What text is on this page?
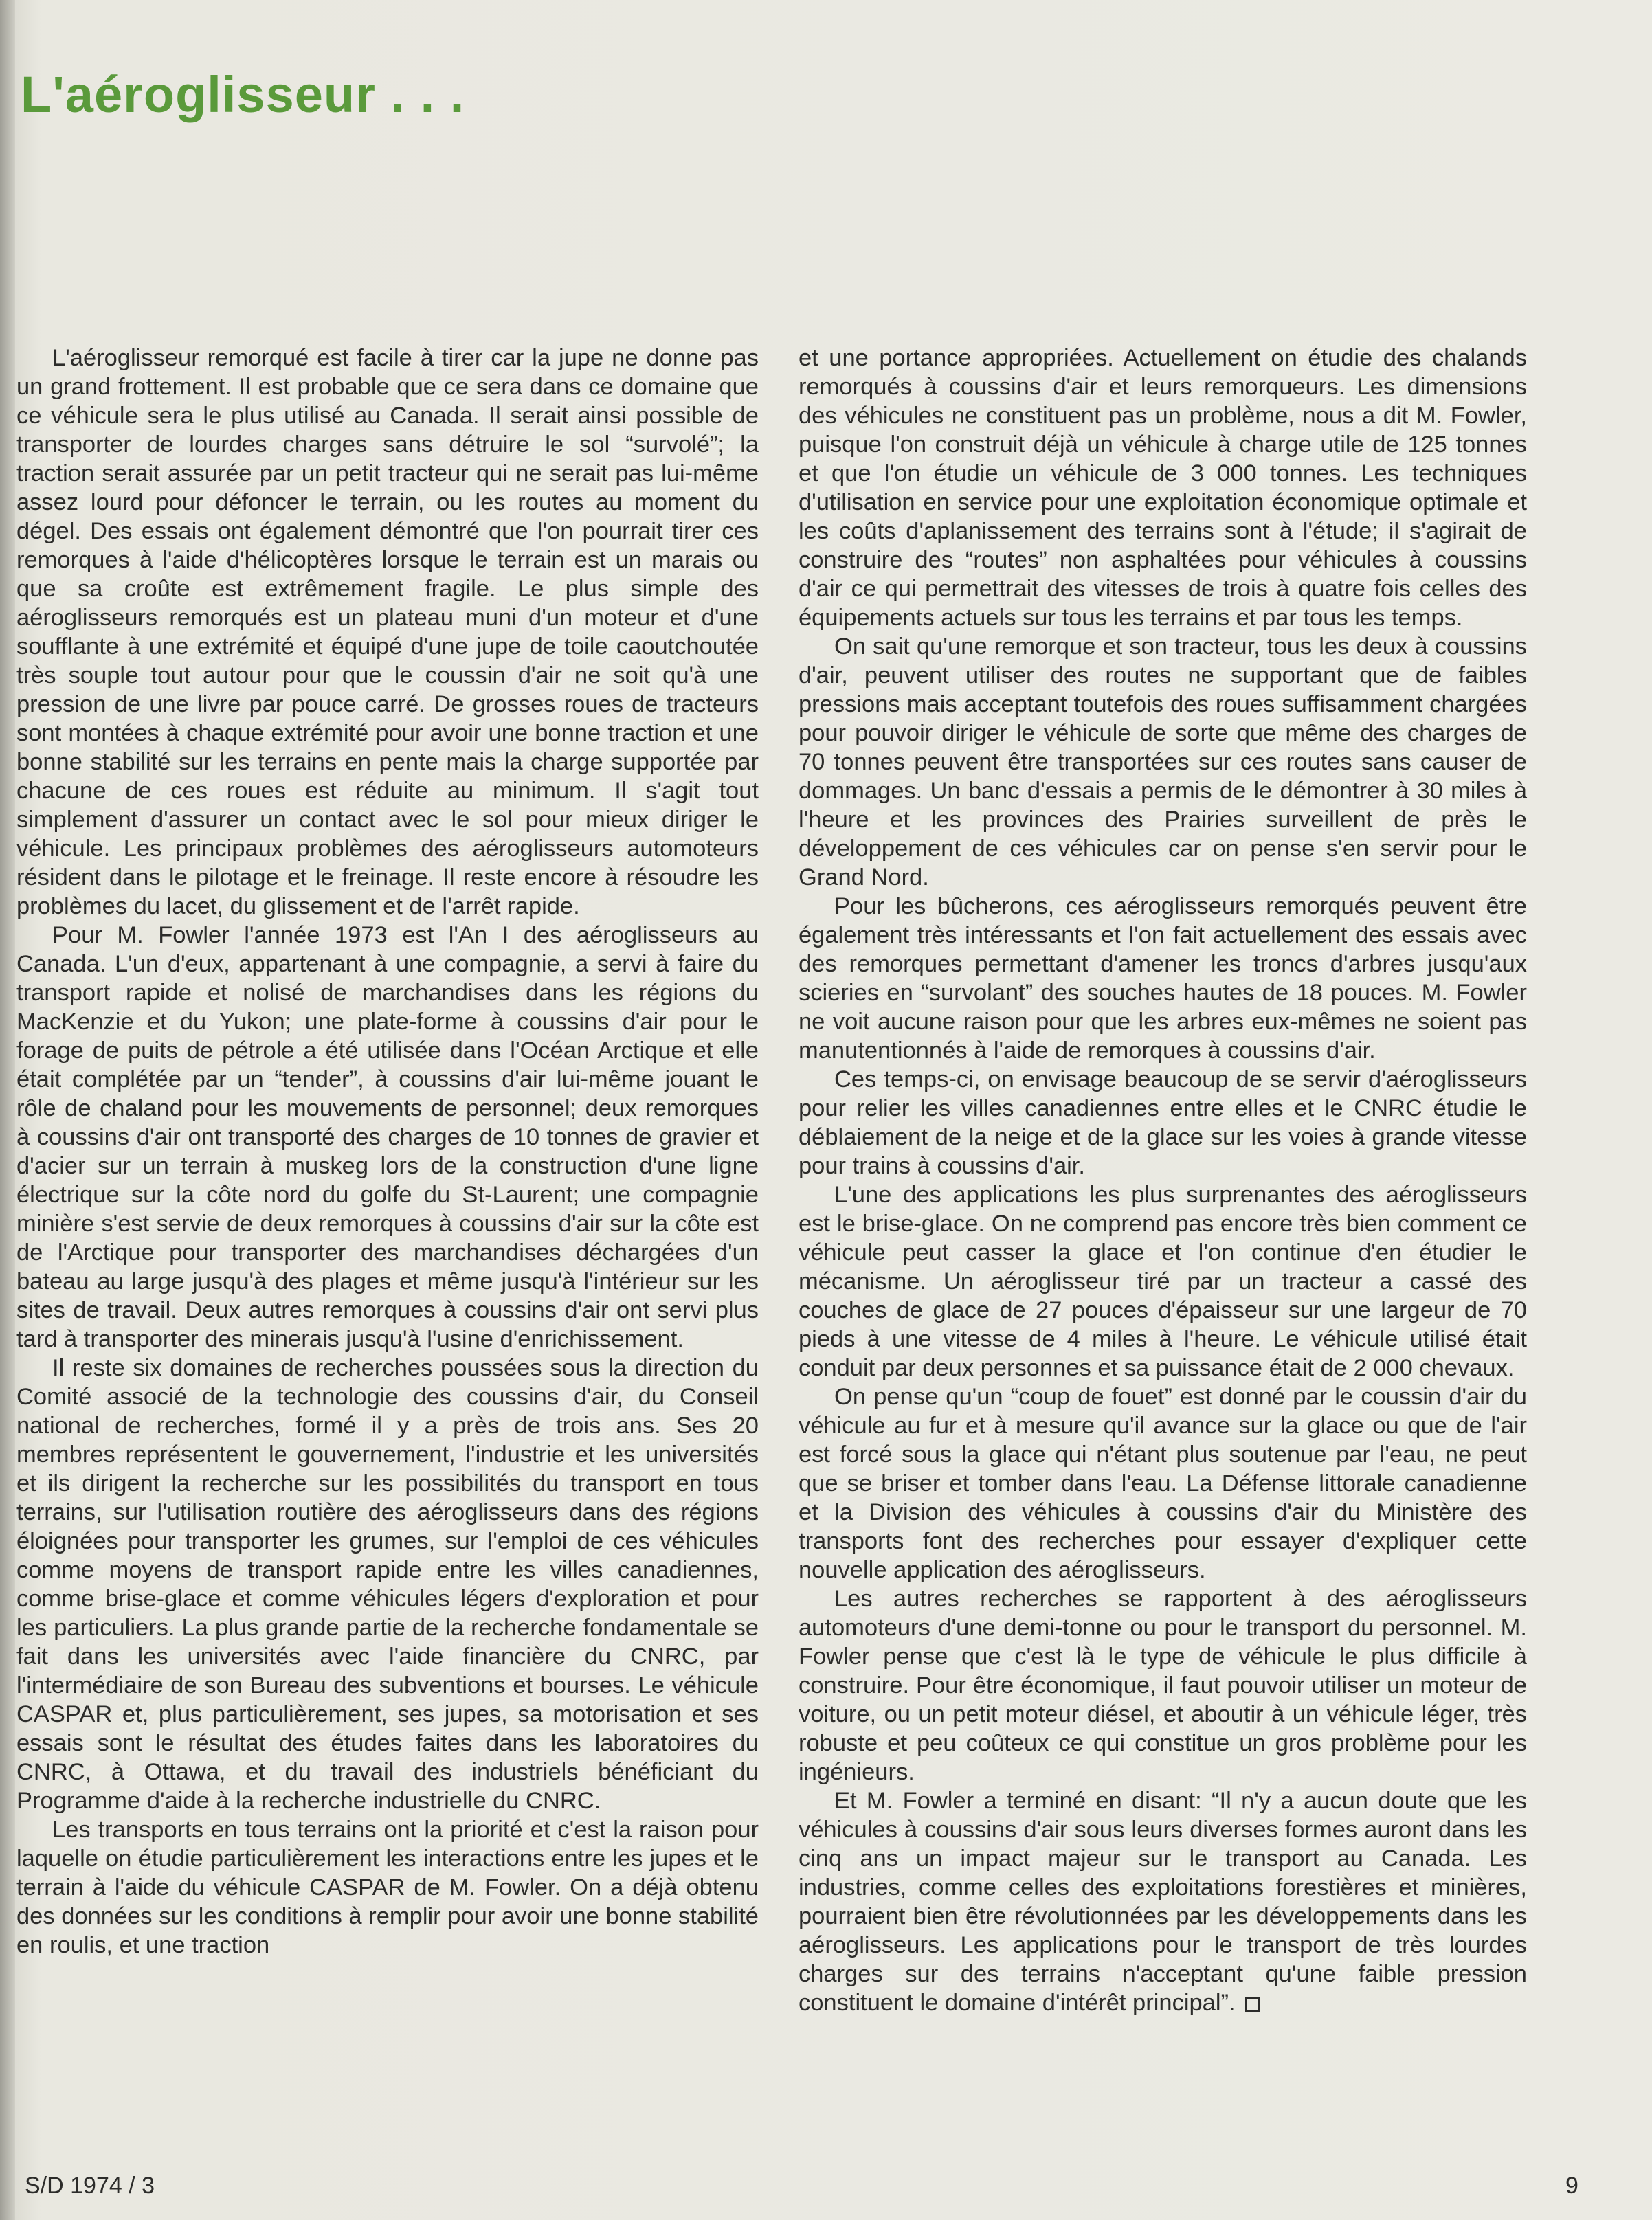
L'aéroglisseur . . .

L'aéroglisseur remorqué est facile à tirer car la jupe ne donne pas un grand frottement. Il est probable que ce sera dans ce domaine que ce véhicule sera le plus utilisé au Canada. Il serait ainsi possible de transporter de lourdes charges sans détruire le sol “survolé”; la traction serait assurée par un petit tracteur qui ne serait pas lui-même assez lourd pour défoncer le terrain, ou les routes au moment du dégel. Des essais ont également démontré que l'on pourrait tirer ces remorques à l'aide d'hélicoptères lorsque le terrain est un marais ou que sa croûte est extrêmement fragile. Le plus simple des aéroglisseurs remorqués est un plateau muni d'un moteur et d'une soufflante à une extrémité et équipé d'une jupe de toile caoutchoutée très souple tout autour pour que le coussin d'air ne soit qu'à une pression de une livre par pouce carré. De grosses roues de tracteurs sont montées à chaque extrémité pour avoir une bonne traction et une bonne stabilité sur les terrains en pente mais la charge supportée par chacune de ces roues est réduite au minimum. Il s'agit tout simplement d'assurer un contact avec le sol pour mieux diriger le véhicule. Les principaux problèmes des aéroglisseurs automoteurs résident dans le pilotage et le freinage. Il reste encore à résoudre les problèmes du lacet, du glissement et de l'arrêt rapide.

Pour M. Fowler l'année 1973 est l'An I des aéroglisseurs au Canada. L'un d'eux, appartenant à une compagnie, a servi à faire du transport rapide et nolisé de marchandises dans les régions du MacKenzie et du Yukon; une plate-forme à coussins d'air pour le forage de puits de pétrole a été utilisée dans l'Océan Arctique et elle était complétée par un “tender”, à coussins d'air lui-même jouant le rôle de chaland pour les mouvements de personnel; deux remorques à coussins d'air ont transporté des charges de 10 tonnes de gravier et d'acier sur un terrain à muskeg lors de la construction d'une ligne électrique sur la côte nord du golfe du St-Laurent; une compagnie minière s'est servie de deux remorques à coussins d'air sur la côte est de l'Arctique pour transporter des marchandises déchargées d'un bateau au large jusqu'à des plages et même jusqu'à l'intérieur sur les sites de travail. Deux autres remorques à coussins d'air ont servi plus tard à transporter des minerais jusqu'à l'usine d'enrichissement.

Il reste six domaines de recherches poussées sous la direction du Comité associé de la technologie des coussins d'air, du Conseil national de recherches, formé il y a près de trois ans. Ses 20 membres représentent le gouvernement, l'industrie et les universités et ils dirigent la recherche sur les possibilités du transport en tous terrains, sur l'utilisation routière des aéroglisseurs dans des régions éloignées pour transporter les grumes, sur l'emploi de ces véhicules comme moyens de transport rapide entre les villes canadiennes, comme brise-glace et comme véhicules légers d'exploration et pour les particuliers. La plus grande partie de la recherche fondamentale se fait dans les universités avec l'aide financière du CNRC, par l'intermédiaire de son Bureau des subventions et bourses. Le véhicule CASPAR et, plus particulièrement, ses jupes, sa motorisation et ses essais sont le résultat des études faites dans les laboratoires du CNRC, à Ottawa, et du travail des industriels bénéficiant du Programme d'aide à la recherche industrielle du CNRC.

Les transports en tous terrains ont la priorité et c'est la raison pour laquelle on étudie particulièrement les interactions entre les jupes et le terrain à l'aide du véhicule CASPAR de M. Fowler. On a déjà obtenu des données sur les conditions à remplir pour avoir une bonne stabilité en roulis, et une traction

et une portance appropriées. Actuellement on étudie des chalands remorqués à coussins d'air et leurs remorqueurs. Les dimensions des véhicules ne constituent pas un problème, nous a dit M. Fowler, puisque l'on construit déjà un véhicule à charge utile de 125 tonnes et que l'on étudie un véhicule de 3 000 tonnes. Les techniques d'utilisation en service pour une exploitation économique optimale et les coûts d'aplanissement des terrains sont à l'étude; il s'agirait de construire des “routes” non asphaltées pour véhicules à coussins d'air ce qui permettrait des vitesses de trois à quatre fois celles des équipements actuels sur tous les terrains et par tous les temps.

On sait qu'une remorque et son tracteur, tous les deux à coussins d'air, peuvent utiliser des routes ne supportant que de faibles pressions mais acceptant toutefois des roues suffisamment chargées pour pouvoir diriger le véhicule de sorte que même des charges de 70 tonnes peuvent être transportées sur ces routes sans causer de dommages. Un banc d'essais a permis de le démontrer à 30 miles à l'heure et les provinces des Prairies surveillent de près le développement de ces véhicules car on pense s'en servir pour le Grand Nord.

Pour les bûcherons, ces aéroglisseurs remorqués peuvent être également très intéressants et l'on fait actuellement des essais avec des remorques permettant d'amener les troncs d'arbres jusqu'aux scieries en “survolant” des souches hautes de 18 pouces. M. Fowler ne voit aucune raison pour que les arbres eux-mêmes ne soient pas manutentionnés à l'aide de remorques à coussins d'air.

Ces temps-ci, on envisage beaucoup de se servir d'aéroglisseurs pour relier les villes canadiennes entre elles et le CNRC étudie le déblaiement de la neige et de la glace sur les voies à grande vitesse pour trains à coussins d'air.

L'une des applications les plus surprenantes des aéroglisseurs est le brise-glace. On ne comprend pas encore très bien comment ce véhicule peut casser la glace et l'on continue d'en étudier le mécanisme. Un aéroglisseur tiré par un tracteur a cassé des couches de glace de 27 pouces d'épaisseur sur une largeur de 70 pieds à une vitesse de 4 miles à l'heure. Le véhicule utilisé était conduit par deux personnes et sa puissance était de 2 000 chevaux.

On pense qu'un “coup de fouet” est donné par le coussin d'air du véhicule au fur et à mesure qu'il avance sur la glace ou que de l'air est forcé sous la glace qui n'étant plus soutenue par l'eau, ne peut que se briser et tomber dans l'eau. La Défense littorale canadienne et la Division des véhicules à coussins d'air du Ministère des transports font des recherches pour essayer d'expliquer cette nouvelle application des aéroglisseurs.

Les autres recherches se rapportent à des aéroglisseurs automoteurs d'une demi-tonne ou pour le transport du personnel. M. Fowler pense que c'est là le type de véhicule le plus difficile à construire. Pour être économique, il faut pouvoir utiliser un moteur de voiture, ou un petit moteur diésel, et aboutir à un véhicule léger, très robuste et peu coûteux ce qui constitue un gros problème pour les ingénieurs.

Et M. Fowler a terminé en disant: “Il n'y a aucun doute que les véhicules à coussins d'air sous leurs diverses formes auront dans les cinq ans un impact majeur sur le transport au Canada. Les industries, comme celles des exploitations forestières et minières, pourraient bien être révolutionnées par les développements dans les aéroglisseurs. Les applications pour le transport de très lourdes charges sur des terrains n'acceptant qu'une faible pression constituent le domaine d'intérêt principal”.

S/D 1974 / 3	9
